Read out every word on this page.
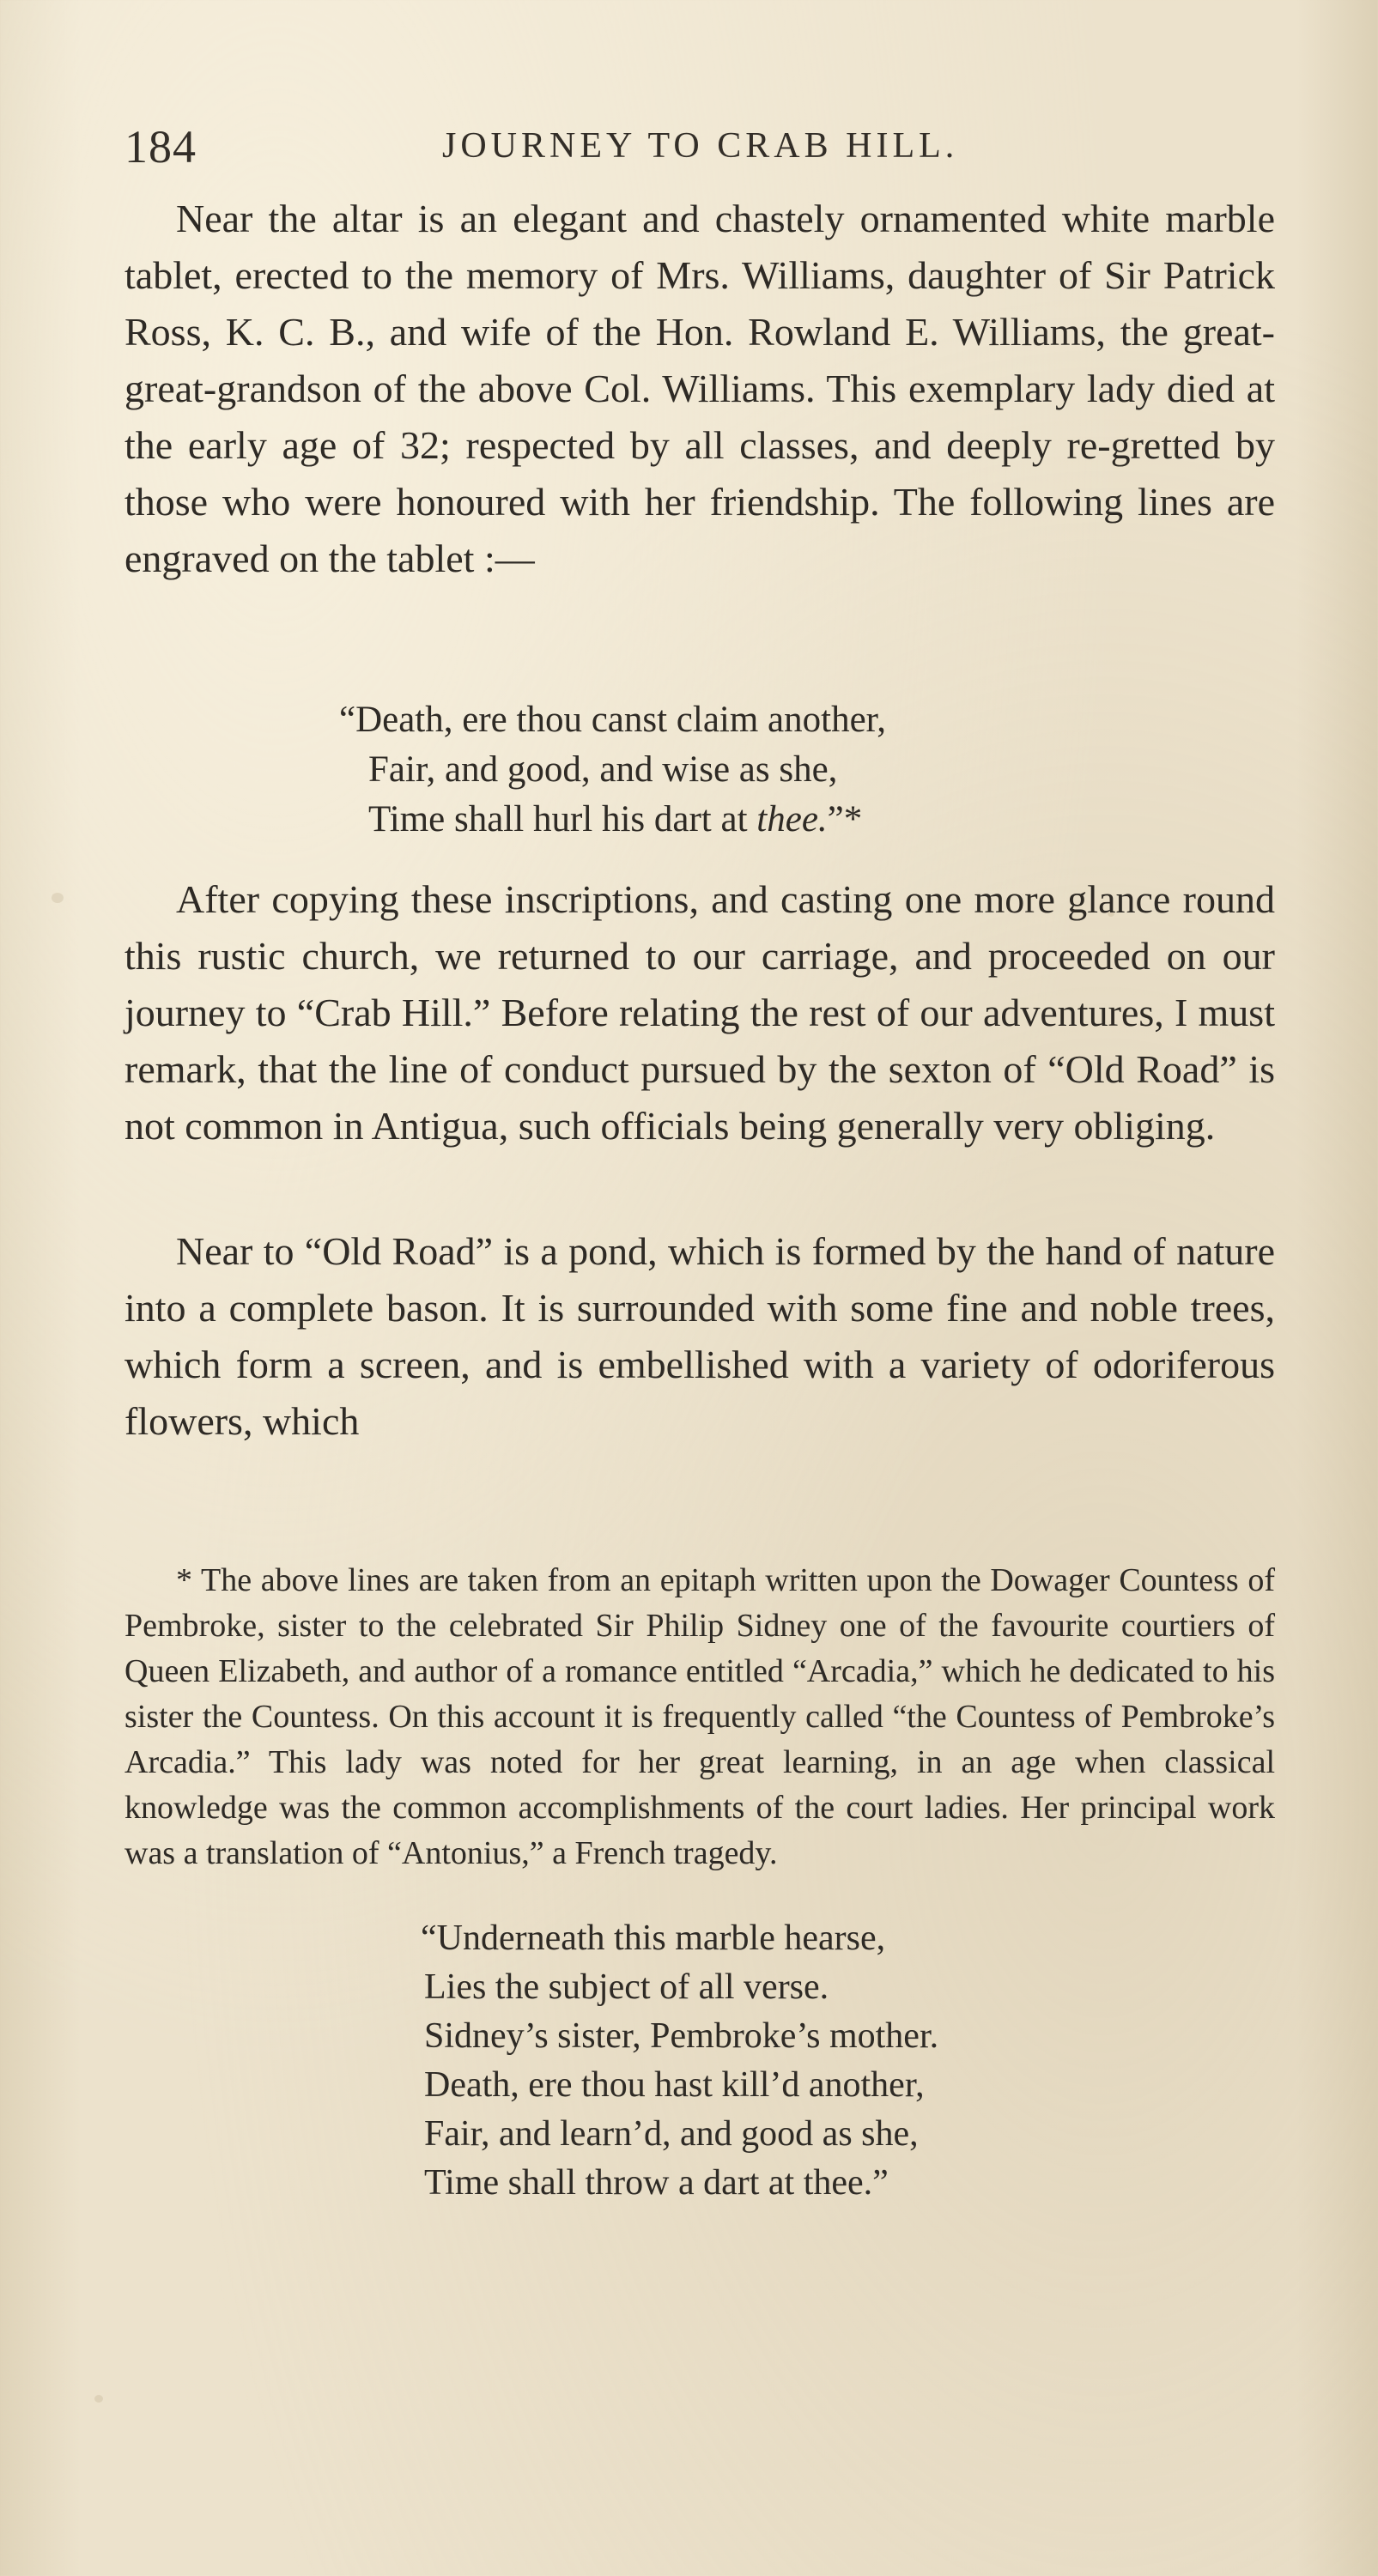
184	JOURNEY TO CRAB HILL.

Near the altar is an elegant and chastely ornamented white marble tablet, erected to the memory of Mrs. Williams, daughter of Sir Patrick Ross, K. C. B., and wife of the Hon. Rowland E. Williams, the great-great-grandson of the above Col. Williams. This exemplary lady died at the early age of 32; respected by all classes, and deeply re-gretted by those who were honoured with her friendship. The following lines are engraved on the tablet :—

“Death, ere thou canst claim another,
Fair, and good, and wise as she,
Time shall hurl his dart at thee.”*

After copying these inscriptions, and casting one more glance round this rustic church, we returned to our carriage, and proceeded on our journey to “Crab Hill.” Before relating the rest of our adventures, I must remark, that the line of conduct pursued by the sexton of “Old Road” is not common in Antigua, such officials being generally very obliging.

Near to “Old Road” is a pond, which is formed by the hand of nature into a complete bason. It is surrounded with some fine and noble trees, which form a screen, and is embellished with a variety of odoriferous flowers, which

* The above lines are taken from an epitaph written upon the Dowager Countess of Pembroke, sister to the celebrated Sir Philip Sidney one of the favourite courtiers of Queen Elizabeth, and author of a romance entitled “Arcadia,” which he dedicated to his sister the Countess. On this account it is frequently called “the Countess of Pembroke’s Arcadia.” This lady was noted for her great learning, in an age when classical knowledge was the common accomplishments of the court ladies. Her principal work was a translation of “Antonius,” a French tragedy.

“Underneath this marble hearse,
Lies the subject of all verse.
Sidney’s sister, Pembroke’s mother.
Death, ere thou hast kill’d another,
Fair, and learn’d, and good as she,
Time shall throw a dart at thee.”
